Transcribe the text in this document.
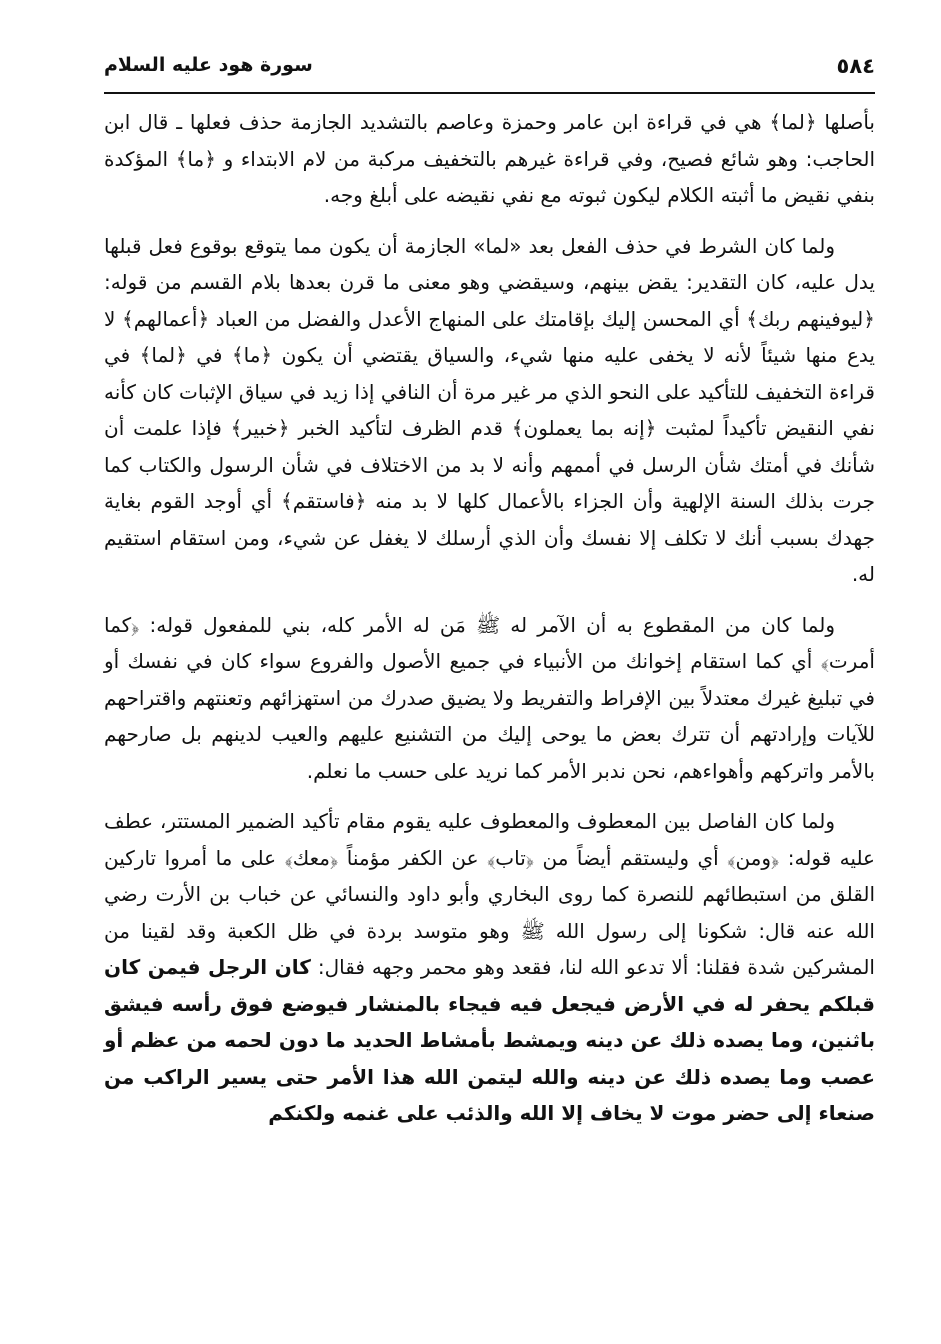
٥٨٤
سورة هود عليه السلام

بأصلها ﴿لما﴾ هي في قراءة ابن عامر وحمزة وعاصم بالتشديد الجازمة حذف فعلها ـ قال ابن الحاجب: وهو شائع فصيح، وفي قراءة غيرهم بالتخفيف مركبة من لام الابتداء و ﴿ما﴾ المؤكدة بنفي نقيض ما أثبته الكلام ليكون ثبوته مع نفي نقيضه على أبلغ وجه.

ولما كان الشرط في حذف الفعل بعد «لما» الجازمة أن يكون مما يتوقع بوقوع فعل قبلها يدل عليه، كان التقدير: يقض بينهم، وسيقضي وهو معنى ما قرن بعدها بلام القسم من قوله: ﴿ليوفينهم ربك﴾ أي المحسن إليك بإقامتك على المنهاج الأعدل والفضل من العباد ﴿أعمالهم﴾ لا يدع منها شيئاً لأنه لا يخفى عليه منها شيء، والسياق يقتضي أن يكون ﴿ما﴾ في ﴿لما﴾ في قراءة التخفيف للتأكيد على النحو الذي مر غير مرة أن النافي إذا زيد في سياق الإثبات كان كأنه نفي النقيض تأكيداً لمثبت ﴿إنه بما يعملون﴾ قدم الظرف لتأكيد الخبر ﴿خبير﴾ فإذا علمت أن شأنك في أمتك شأن الرسل في أممهم وأنه لا بد من الاختلاف في شأن الرسول والكتاب كما جرت بذلك السنة الإلهية وأن الجزاء بالأعمال كلها لا بد منه ﴿فاستقم﴾ أي أوجد القوم بغاية جهدك بسبب أنك لا تكلف إلا نفسك وأن الذي أرسلك لا يغفل عن شيء، ومن استقام استقيم له.

ولما كان من المقطوع به أن الآمر له ﷺ مَن له الأمر كله، بني للمفعول قوله: ﴿كما أمرت﴾ أي كما استقام إخوانك من الأنبياء في جميع الأصول والفروع سواء كان في نفسك أو في تبليغ غيرك معتدلاً بين الإفراط والتفريط ولا يضيق صدرك من استهزائهم وتعنتهم واقتراحهم للآيات وإرادتهم أن تترك بعض ما يوحى إليك من التشنيع عليهم والعيب لدينهم بل صارحهم بالأمر واتركهم وأهواءهم، نحن ندبر الأمر كما نريد على حسب ما نعلم.

ولما كان الفاصل بين المعطوف والمعطوف عليه يقوم مقام تأكيد الضمير المستتر، عطف عليه قوله: ﴿ومن﴾ أي وليستقم أيضاً من ﴿تاب﴾ عن الكفر مؤمناً ﴿معك﴾ على ما أمروا تاركين القلق من استبطائهم للنصرة كما روى البخاري وأبو داود والنسائي عن خباب بن الأرت رضي الله عنه قال: شكونا إلى رسول الله ﷺ وهو متوسد بردة في ظل الكعبة وقد لقينا من المشركين شدة فقلنا: ألا تدعو الله لنا، فقعد وهو محمر وجهه فقال: كان الرجل فيمن كان قبلكم يحفر له في الأرض فيجعل فيه فيجاء بالمنشار فيوضع فوق رأسه فيشق باثنين، وما يصده ذلك عن دينه ويمشط بأمشاط الحديد ما دون لحمه من عظم أو عصب وما يصده ذلك عن دينه والله ليتمن الله هذا الأمر حتى يسير الراكب من صنعاء إلى حضر موت لا يخاف إلا الله والذئب على غنمه ولكنكم
